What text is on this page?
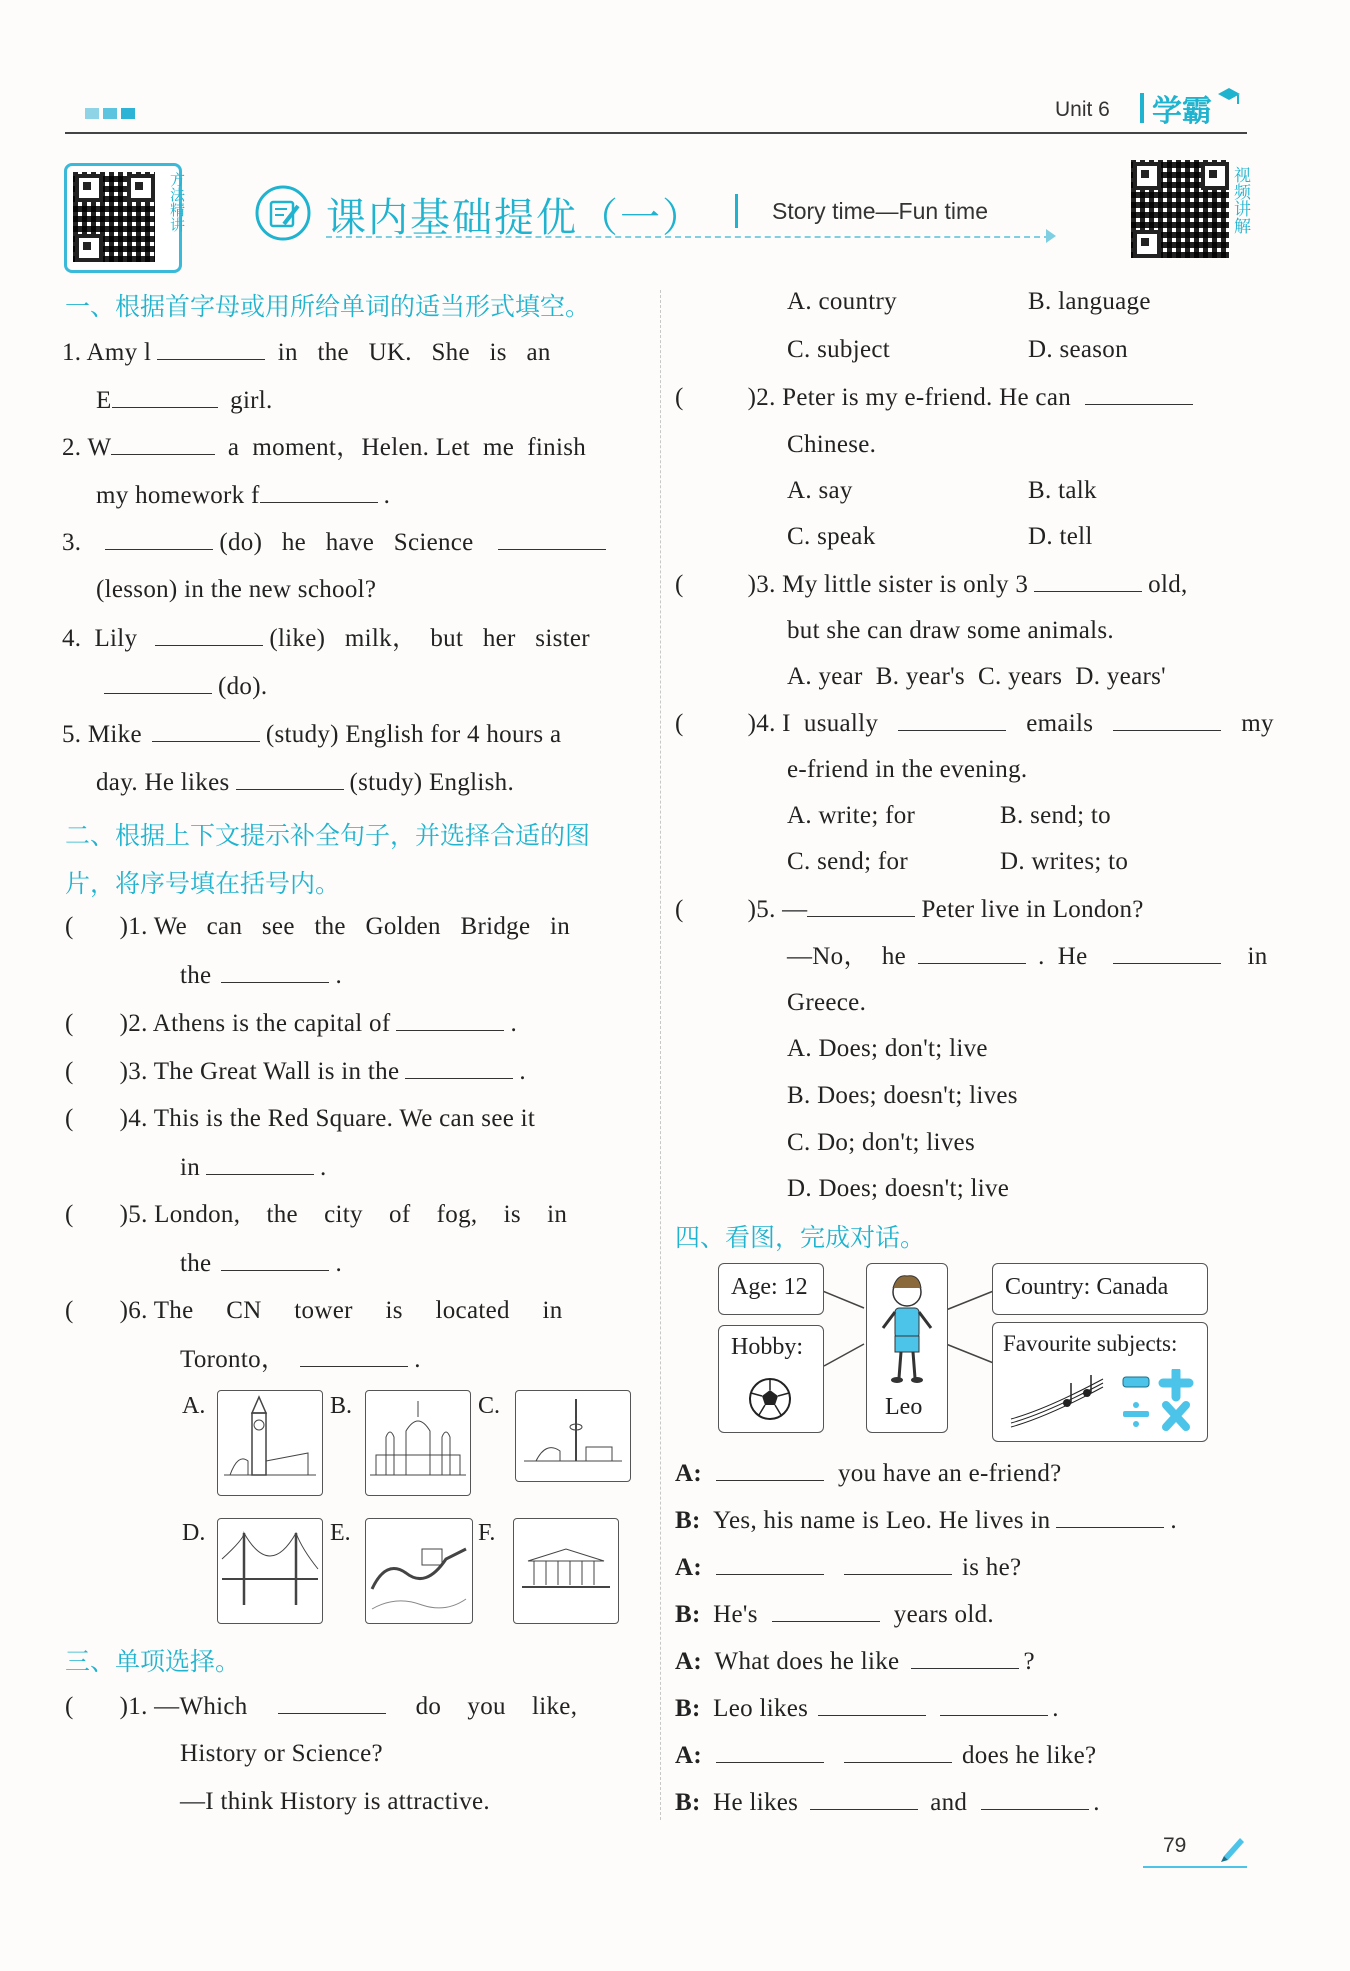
Unit 6	学霸
方法精讲	课内基础提优（一）	Story time—Fun time	视频讲解
一、根据首字母或用所给单词的适当形式填空。
1. Amy l	in   the   UK.   She   is   an
E	girl.
2. W	a  moment，Helen. Let  me  finish
my homework f	.
3.	(do)   he   have   Science
(lesson) in the new school?
4.  Lily	(like)   milk，  but   her   sister
(do).
5. Mike	(study) English for 4 hours a
day. He likes	(study) English.
二、根据上下文提示补全句子，并选择合适的图
片，将序号填在括号内。
( )1. We   can   see   the   Golden   Bridge   in
the	.
( )2. Athens is the capital of	.
( )3. The Great Wall is in the	.
( )4. This is the Red Square. We can see it
in	.
( )5. London,    the    city    of    fog,    is    in
the	.
( )6. The     CN     tower     is     located     in
Toronto，	.
A.	B.	C.
D.	E.	F.
三、单项选择。
( )1. —Which	do    you    like,
History or Science?
—I think History is attractive.
A. country	B. language
C. subject	D. season
(	)2. Peter is my e-friend. He can
Chinese.
A. say	B. talk
C. speak	D. tell
(	)3. My little sister is only 3	old,
but she can draw some animals.
A. year  B. year's  C. years  D. years'
(	)4. I  usually	emails	my
e-friend in the evening.
A. write; for	B. send; to
C. send; for	D. writes; to
(	)5. —	Peter live in London?
—No，  he	.  He	in
Greece.
A. Does; don't; live
B. Does; doesn't; lives
C. Do; don't; lives
D. Does; doesn't; live
四、看图，完成对话。
Age: 12
Hobby:
Leo
Country: Canada
Favourite subjects:
A:	you have an e-friend?
B: Yes, his name is Leo. He lives in	.
A:	is he?
B: He's	years old.
A: What does he like	?
B: Leo likes	.
A:	does he like?
B: He likes	and	.
79
